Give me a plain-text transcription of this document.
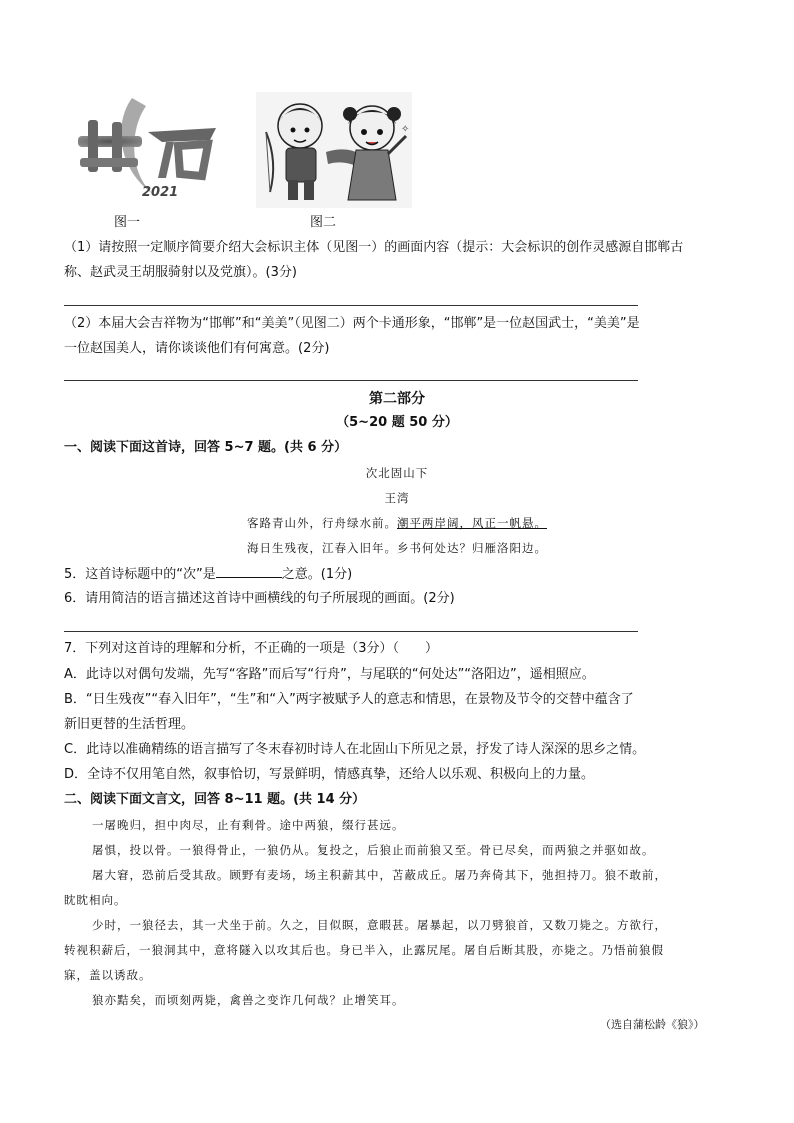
2021
图一
✧
图二
（1）请按照一定顺序简要介绍大会标识主体（见图一）的画面内容（提示：大会标识的创作灵感源自邯郸古
称、赵武灵王胡服骑射以及党旗）。(3分)
（2）本届大会吉祥物为“邯郸”和“美美”（见图二）两个卡通形象，“邯郸”是一位赵国武士，“美美”是
一位赵国美人，请你谈谈他们有何寓意。(2分)
第二部分
（5~20 题 50 分）
一、阅读下面这首诗，回答 5~7 题。(共 6 分）
次北固山下
王湾
客路青山外，行舟绿水前。潮平两岸阔，风正一帆悬。
海日生残夜，江春入旧年。乡书何处达？归雁洛阳边。
5．这首诗标题中的“次”是	之意。(1分)
6．请用简洁的语言描述这首诗中画横线的句子所展现的画面。(2分)
7．下列对这首诗的理解和分析，不正确的一项是（3分）（　　）
A．此诗以对偶句发端，先写“客路”而后写“行舟”，与尾联的“何处达”“洛阳边”，遥相照应。
B．“日生残夜”“春入旧年”，“生”和“入”两字被赋予人的意志和情思，在景物及节令的交替中蕴含了
新旧更替的生活哲理。
C．此诗以准确精练的语言描写了冬末春初时诗人在北固山下所见之景，抒发了诗人深深的思乡之情。
D．全诗不仅用笔自然，叙事恰切，写景鲜明，情感真挚，还给人以乐观、积极向上的力量。
二、阅读下面文言文，回答 8~11 题。(共 14 分）
一屠晚归，担中肉尽，止有剩骨。途中两狼，缀行甚远。
屠惧，投以骨。一狼得骨止，一狼仍从。复投之，后狼止而前狼又至。骨已尽矣，而两狼之并驱如故。
屠大窘，恐前后受其敌。顾野有麦场，场主积薪其中，苫蔽成丘。屠乃奔倚其下，弛担持刀。狼不敢前，
眈眈相向。
少时，一狼径去，其一犬坐于前。久之，目似瞑，意暇甚。屠暴起，以刀劈狼首，又数刀毙之。方欲行，
转视积薪后，一狼洞其中，意将隧入以攻其后也。身已半入，止露尻尾。屠自后断其股，亦毙之。乃悟前狼假
寐，盖以诱敌。
狼亦黠矣，而顷刻两毙，禽兽之变诈几何哉？止增笑耳。
（选自蒲松龄《狼》）
